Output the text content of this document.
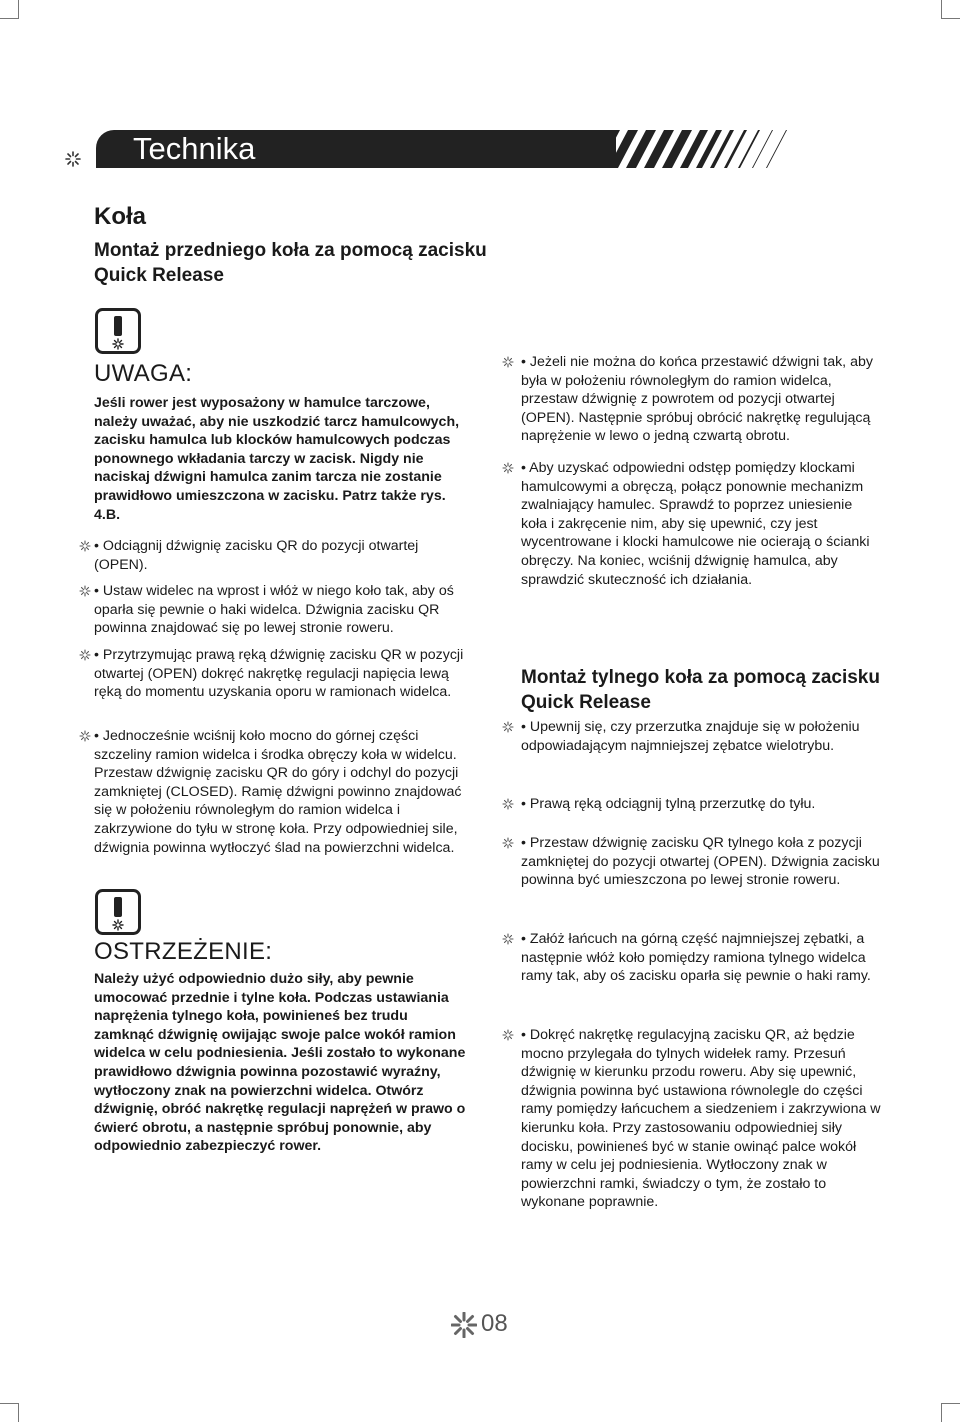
Technika
Koła
Montaż przedniego koła za pomocą zacisku Quick Release
UWAGA:

Jeśli rower jest wyposażony w hamulce tarczowe, należy uważać, aby nie uszkodzić tarcz hamulcowych, zacisku hamulca lub klocków hamulcowych podczas ponownego wkładania tarczy w zacisk. Nigdy nie naciskaj dźwigni hamulca zanim tarcza nie zostanie prawidłowo umieszczona w zacisku. Patrz także rys. 4.B.

• Odciągnij dźwignię zacisku QR do pozycji otwartej (OPEN).

• Ustaw widelec na wprost i włóż w niego koło tak, aby oś oparła się pewnie o haki widelca. Dźwignia zacisku QR powinna znajdować się po lewej stronie roweru.

• Przytrzymując prawą ręką dźwignię zacisku QR w pozycji otwartej (OPEN) dokręć nakrętkę regulacji napięcia lewą ręką do momentu uzyskania oporu w ramionach widelca.

• Jednocześnie wciśnij koło mocno do górnej części szczeliny ramion widelca i środka obręczy koła w widelcu. Przestaw dźwignię zacisku QR do góry i odchyl do pozycji zamkniętej (CLOSED). Ramię dźwigni powinno znajdować się w położeniu równoległym do ramion widelca i zakrzywione do tyłu w stronę koła. Przy odpowiedniej sile, dźwignia powinna wytłoczyć ślad na powierzchni widelca.

OSTRZEŻENIE:

Należy użyć odpowiednio dużo siły, aby pewnie umocować przednie i tylne koła. Podczas ustawiania naprężenia tylnego koła, powinieneś bez trudu zamknąć dźwignię owijając swoje palce wokół ramion widelca w celu podniesienia. Jeśli zostało to wykonane prawidłowo dźwignia powinna pozostawić wyraźny, wytłoczony znak na powierzchni widelca. Otwórz dźwignię, obróć nakrętkę regulacji naprężeń w prawo o ćwierć obrotu, a następnie spróbuj ponownie, aby odpowiednio zabezpieczyć rower.

• Jeżeli nie można do końca przestawić dźwigni tak, aby była w położeniu równoległym do ramion widelca, przestaw dźwignię z powrotem od pozycji otwartej (OPEN). Następnie spróbuj obrócić nakrętkę regulującą naprężenie w lewo o jedną czwartą obrotu.

• Aby uzyskać odpowiedni odstęp pomiędzy klockami hamulcowymi a obręczą, połącz ponownie mechanizm zwalniający hamulec. Sprawdź to poprzez uniesienie koła i zakręcenie nim, aby się upewnić, czy jest wycentrowane i klocki hamulcowe nie ocierają o ścianki obręczy. Na koniec, wciśnij dźwignię hamulca, aby sprawdzić skuteczność ich działania.

Montaż tylnego koła za pomocą zacisku Quick Release

• Upewnij się, czy przerzutka znajduje się w położeniu odpowiadającym najmniejszej zębatce wielotrybu.

• Prawą ręką odciągnij tylną przerzutkę do tyłu.

• Przestaw dźwignię zacisku QR tylnego koła z pozycji zamkniętej do pozycji otwartej (OPEN). Dźwignia zacisku powinna być umieszczona po lewej stronie roweru.

• Załóż łańcuch na górną część najmniejszej zębatki, a następnie włóż koło pomiędzy ramiona tylnego widelca ramy tak, aby oś zacisku oparła się pewnie o haki ramy.

• Dokręć nakrętkę regulacyjną zacisku QR, aż będzie mocno przylegała do tylnych widełek ramy. Przesuń dźwignię w kierunku przodu roweru. Aby się upewnić, dźwignia powinna być ustawiona równolegle do części ramy pomiędzy łańcuchem a siedzeniem i zakrzywiona w kierunku koła. Przy zastosowaniu odpowiedniej siły docisku, powinieneś być w stanie owinąć palce wokół ramy w celu jej podniesienia. Wytłoczony znak w powierzchni ramki, świadczy o tym, że zostało to wykonane poprawnie.

08
